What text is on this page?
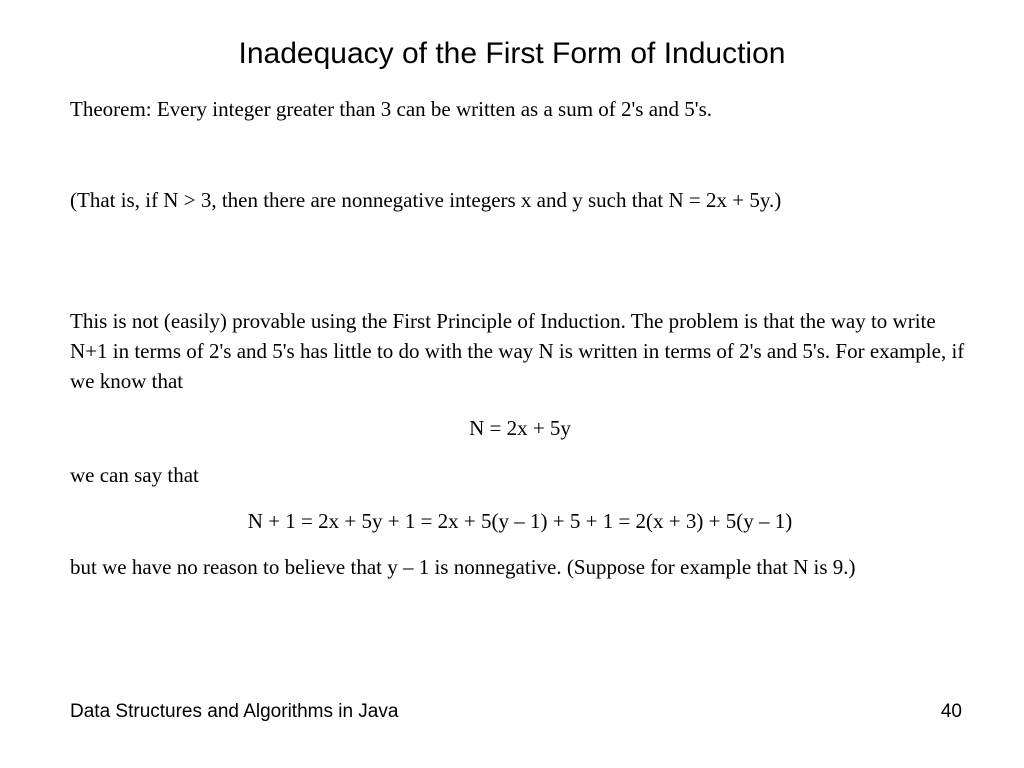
Inadequacy of the First Form of Induction

Theorem: Every integer greater than 3 can be written as a sum of 2's and 5's.

(That is, if N > 3, then there are nonnegative integers x and y such that N = 2x + 5y.)

This is not (easily) provable using the First Principle of Induction. The problem is that the way to write N+1 in terms of 2's and 5's has little to do with the way N is written in terms of 2's and 5's. For example, if we know that

N = 2x + 5y

we can say that

N + 1 = 2x + 5y + 1 = 2x + 5(y – 1) + 5 + 1 = 2(x + 3) + 5(y – 1)

but we have no reason to believe that y – 1 is nonnegative. (Suppose for example that N is 9.)

Data Structures and Algorithms in Java	40
